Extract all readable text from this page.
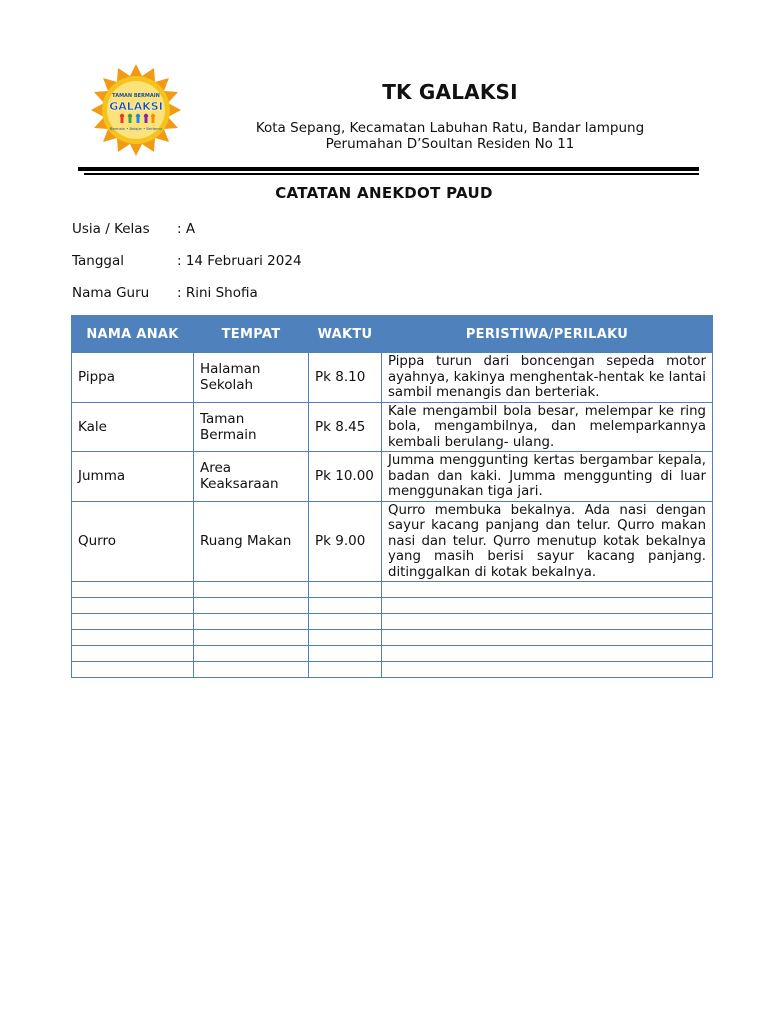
TAMAN BERMAIN
GALAKSI
Bermain • Belajar • Bertemu
TK GALAKSI
Kota Sepang, Kecamatan Labuhan Ratu, Bandar lampung
Perumahan D’Soultan Residen No 11
CATATAN ANEKDOT PAUD
Usia / Kelas : A
Tanggal	: 14 Februari 2024
Nama Guru : Rini Shofia
NAMA ANAK	TEMPAT	WAKTU	PERISTIWA/PERILAKU
Pippa	Halaman Sekolah	Pk 8.10	Pippa turun dari boncengan sepeda motor ayahnya, kakinya menghentak-hentak ke lantai sambil menangis dan berteriak.
Kale	Taman Bermain	Pk 8.45	Kale mengambil bola besar, melempar ke ring bola, mengambilnya, dan melemparkannya kembali berulang- ulang.
Jumma	Area Keaksaraan	Pk 10.00	Jumma menggunting kertas bergambar kepala, badan dan kaki. Jumma menggunting di luar menggunakan tiga jari.
Qurro	Ruang Makan	Pk 9.00	Qurro membuka bekalnya. Ada nasi dengan sayur kacang panjang dan telur. Qurro makan nasi dan telur. Qurro menutup kotak bekalnya yang masih berisi sayur kacang panjang. ditinggalkan di kotak bekalnya.
